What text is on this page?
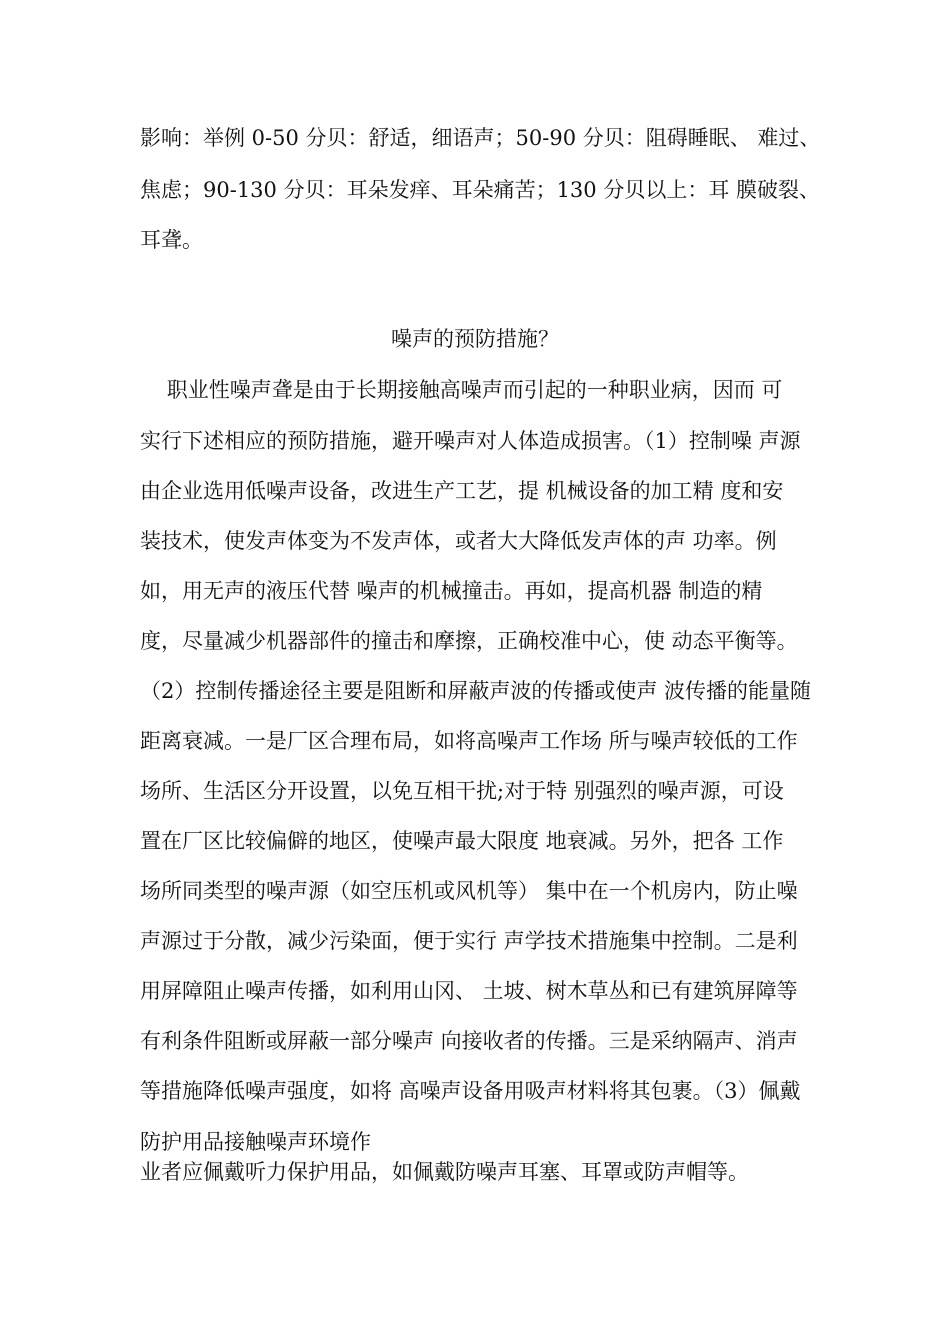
影响：举例 0-50 分贝：舒适，细语声；50-90 分贝：阻碍睡眠、 难过、
焦虑；90-130 分贝：耳朵发痒、耳朵痛苦；130 分贝以上：耳 膜破裂、
耳聋。
噪声的预防措施？
职业性噪声聋是由于长期接触高噪声而引起的一种职业病，因而 可
实行下述相应的预防措施，避开噪声对人体造成损害。（1）控制噪 声源
由企业选用低噪声设备，改进生产工艺，提 机械设备的加工精 度和安
装技术，使发声体变为不发声体，或者大大降低发声体的声 功率。例
如，用无声的液压代替 噪声的机械撞击。再如，提高机器 制造的精
度，尽量减少机器部件的撞击和摩擦，正确校准中心，使 动态平衡等。
（2）控制传播途径主要是阻断和屏蔽声波的传播或使声 波传播的能量随
距离衰减。一是厂区合理布局，如将高噪声工作场 所与噪声较低的工作
场所、生活区分开设置，以免互相干扰;对于特 别强烈的噪声源，可设
置在厂区比较偏僻的地区，使噪声最大限度 地衰减。另外，把各 工作
场所同类型的噪声源（如空压机或风机等） 集中在一个机房内，防止噪
声源过于分散，减少污染面，便于实行 声学技术措施集中控制。二是利
用屏障阻止噪声传播，如利用山冈、 土坡、树木草丛和已有建筑屏障等
有利条件阻断或屏蔽一部分噪声 向接收者的传播。三是采纳隔声、消声
等措施降低噪声强度，如将 高噪声设备用吸声材料将其包裹。（3）佩戴
防护用品接触噪声环境作
业者应佩戴听力保护用品，如佩戴防噪声耳塞、耳罩或防声帽等。
